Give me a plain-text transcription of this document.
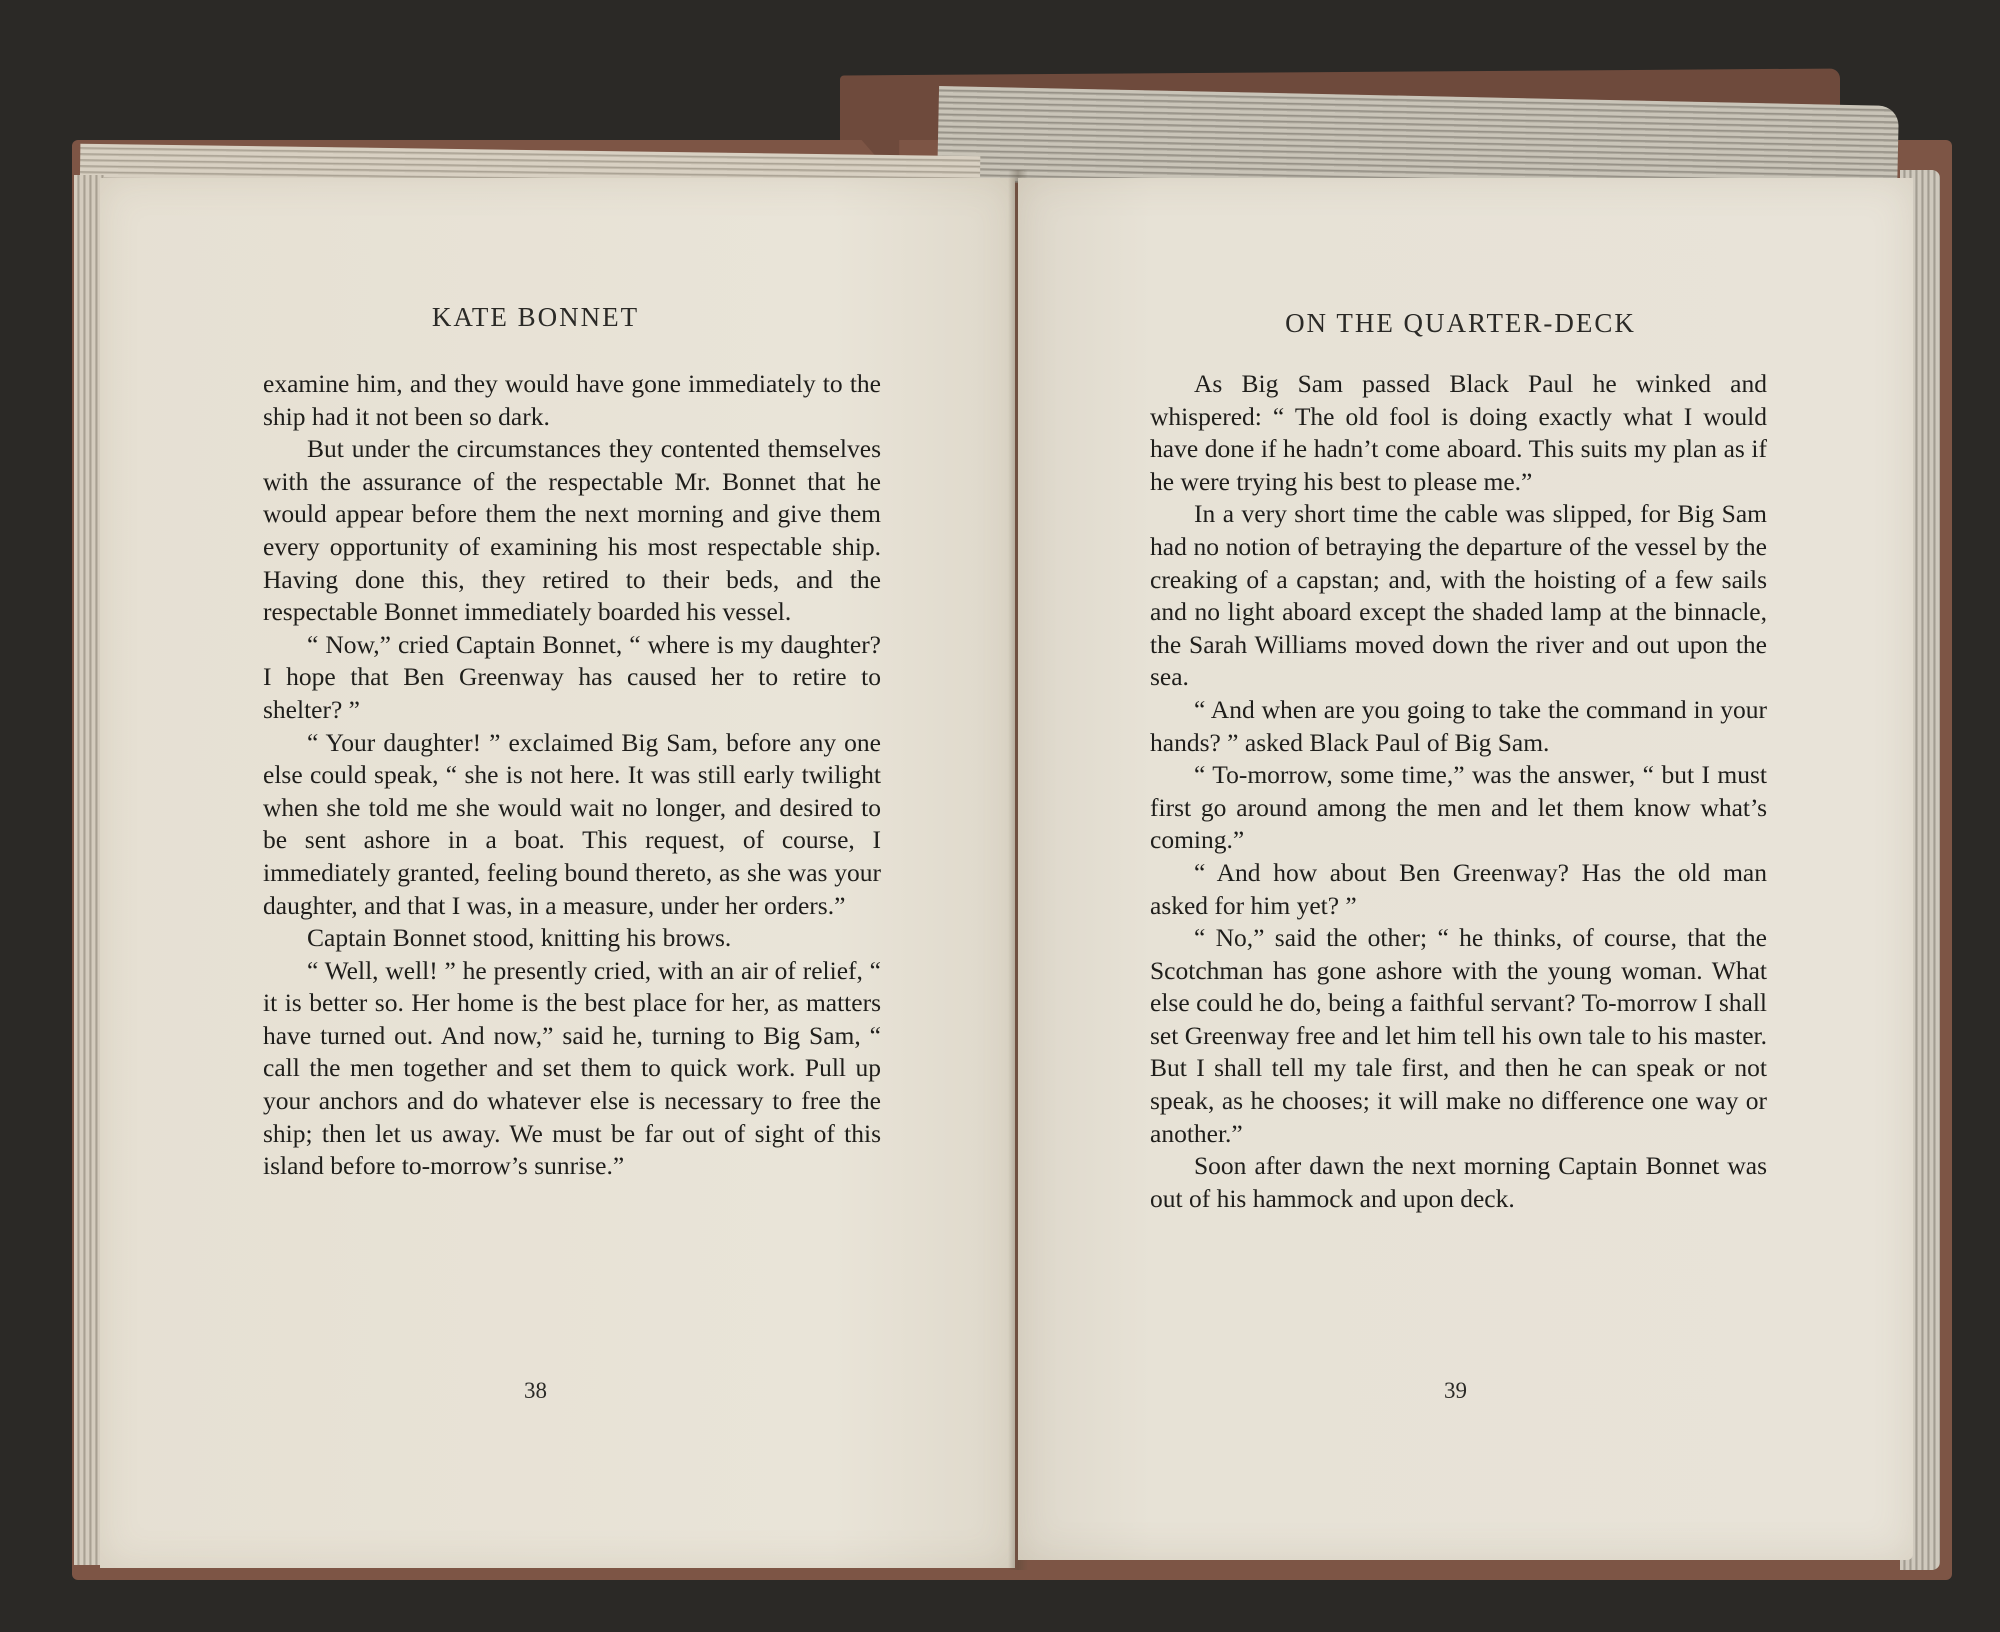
KATE BONNET

examine him, and they would have gone immediately to the ship had it not been so dark.

But under the circumstances they contented themselves with the assurance of the respectable Mr. Bonnet that he would appear before them the next morning and give them every opportunity of examining his most respectable ship. Having done this, they retired to their beds, and the respectable Bonnet immediately boarded his vessel.

“ Now,” cried Captain Bonnet, “ where is my daughter? I hope that Ben Greenway has caused her to retire to shelter? ”

“ Your daughter! ” exclaimed Big Sam, before any one else could speak, “ she is not here. It was still early twilight when she told me she would wait no longer, and desired to be sent ashore in a boat. This request, of course, I immediately granted, feeling bound thereto, as she was your daughter, and that I was, in a measure, under her orders.”

Captain Bonnet stood, knitting his brows.

“ Well, well! ” he presently cried, with an air of relief, “ it is better so. Her home is the best place for her, as matters have turned out. And now,” said he, turning to Big Sam, “ call the men together and set them to quick work. Pull up your anchors and do whatever else is necessary to free the ship; then let us away. We must be far out of sight of this island before to-morrow’s sunrise.”

38
ON THE QUARTER-DECK

As Big Sam passed Black Paul he winked and whispered: “ The old fool is doing exactly what I would have done if he hadn’t come aboard. This suits my plan as if he were trying his best to please me.”

In a very short time the cable was slipped, for Big Sam had no notion of betraying the departure of the vessel by the creaking of a capstan; and, with the hoisting of a few sails and no light aboard except the shaded lamp at the binnacle, the Sarah Williams moved down the river and out upon the sea.

“ And when are you going to take the command in your hands? ” asked Black Paul of Big Sam.

“ To-morrow, some time,” was the answer, “ but I must first go around among the men and let them know what’s coming.”

“ And how about Ben Greenway? Has the old man asked for him yet? ”

“ No,” said the other; “ he thinks, of course, that the Scotchman has gone ashore with the young woman. What else could he do, being a faithful servant? To-morrow I shall set Greenway free and let him tell his own tale to his master. But I shall tell my tale first, and then he can speak or not speak, as he chooses; it will make no difference one way or another.”

Soon after dawn the next morning Captain Bonnet was out of his hammock and upon deck.

39
